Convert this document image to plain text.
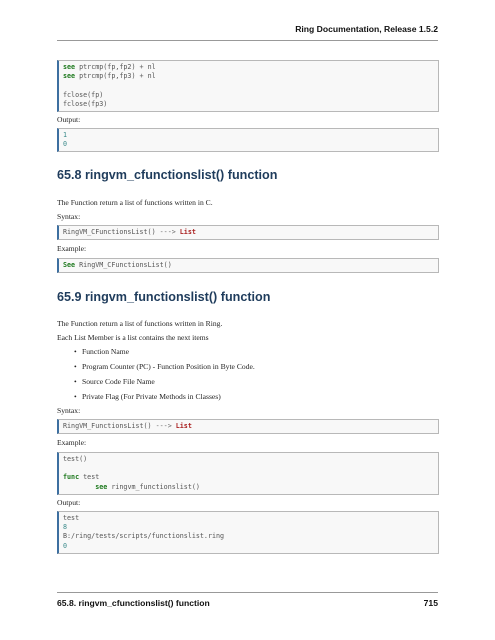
Ring Documentation, Release 1.5.2
see ptrcmp(fp,fp2) + nl
see ptrcmp(fp,fp3) + nl
fclose(fp)
fclose(fp3)
Output:
1
0
65.8 ringvm_cfunctionslist() function
The Function return a list of functions written in C.
Syntax:
RingVM_CFunctionsList() ---> List
Example:
See RingVM_CFunctionsList()
65.9 ringvm_functionslist() function
The Function return a list of functions written in Ring.
Each List Member is a list contains the next items
• Function Name
• Program Counter (PC) - Function Position in Byte Code.
• Source Code File Name
• Private Flag (For Private Methods in Classes)
Syntax:
RingVM_FunctionsList() ---> List
Example:
test()
func test
see ringvm_functionslist()
Output:
test
8
B:/ring/tests/scripts/functionslist.ring
0
65.8. ringvm_cfunctionslist() function	715
